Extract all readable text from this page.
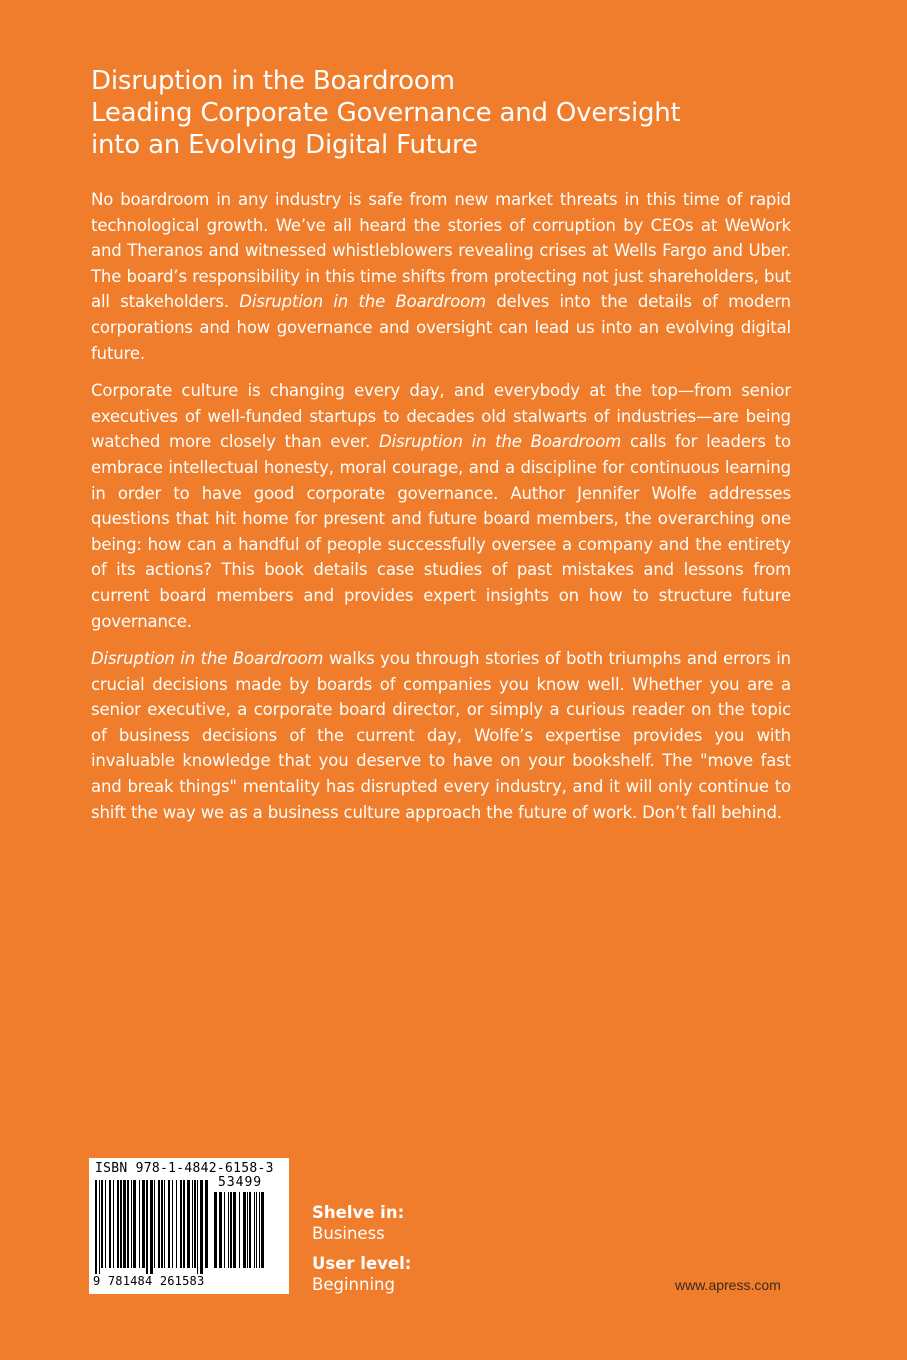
Disruption in the Boardroom
Leading Corporate Governance and Oversight
into an Evolving Digital Future

No boardroom in any industry is safe from new market threats in this time of rapid technological growth. We’ve all heard the stories of corruption by CEOs at WeWork and Theranos and witnessed whistleblowers revealing crises at Wells Fargo and Uber. The board’s responsibility in this time shifts from protecting not just shareholders, but all stakeholders. Disruption in the Boardroom delves into the details of modern corporations and how governance and oversight can lead us into an evolving digital future.

Corporate culture is changing every day, and everybody at the top—from senior executives of well-funded startups to decades old stalwarts of industries—are being watched more closely than ever. Disruption in the Boardroom calls for leaders to embrace intellectual honesty, moral courage, and a discipline for continuous learning in order to have good corporate governance. Author Jennifer Wolfe addresses questions that hit home for present and future board members, the overarching one being: how can a handful of people successfully oversee a company and the entirety of its actions? This book details case studies of past mistakes and lessons from current board members and provides expert insights on how to structure future governance.

Disruption in the Boardroom walks you through stories of both triumphs and errors in crucial decisions made by boards of companies you know well. Whether you are a senior executive, a corporate board director, or simply a curious reader on the topic of business decisions of the current day, Wolfe’s expertise provides you with invaluable knowledge that you deserve to have on your bookshelf. The "move fast and break things" mentality has disrupted every industry, and it will only continue to shift the way we as a business culture approach the future of work. Don’t fall behind.

ISBN 978-1-4842-6158-3
53499
9 781484 261583
Shelve in:
Business
User level:
Beginning	www.apress.com
